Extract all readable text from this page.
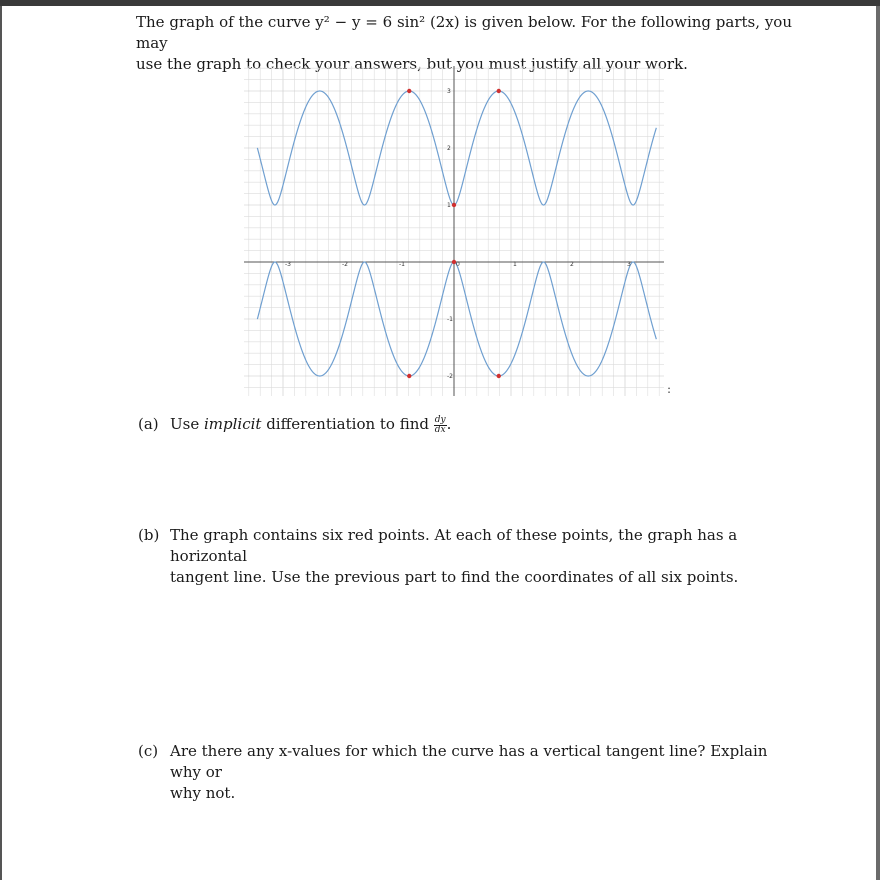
The graph of the curve y² − y = 6 sin² (2x) is given below. For the following parts, you may
use the graph to check your answers, but you must justify all your work.
-3	-2	-1	0	1	2	3
3
2
1
-1
-2
:
(a) Use implicit differentiation to find $\frac{dy}{dx}$ .
(b) The graph contains six red points. At each of these points, the graph has a horizontal
tangent line. Use the previous part to find the coordinates of all six points.
(c) Are there any x-values for which the curve has a vertical tangent line? Explain why or
why not.
